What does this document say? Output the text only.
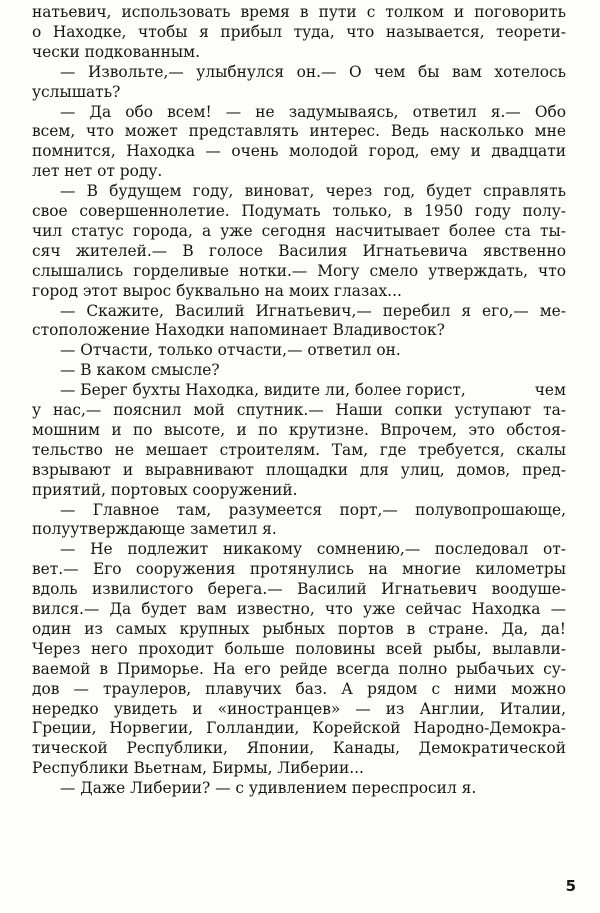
натьевич, использовать время в пути с толком и поговорить
о Находке, чтобы я прибыл туда, что называется, теорети-
чески подкованным.
— Извольте,— улыбнулся он.— О чем бы вам хотелось
услышать?
— Да обо всем! — не задумываясь, ответил я.— Обо
всем, что может представлять интерес. Ведь насколько мне
помнится, Находка — очень молодой город, ему и двадцати
лет нет от роду.
— В будущем году, виноват, через год, будет справлять
свое совершеннолетие. Подумать только, в 1950 году полу-
чил статус города, а уже сегодня насчитывает более ста ты-
сяч жителей.— В голосе Василия Игнатьевича явственно
слышались горделивые нотки.— Могу смело утверждать, что
город этот вырос буквально на моих глазах...
— Скажите, Василий Игнатьевич,— перебил я его,— ме-
стоположение Находки напоминает Владивосток?
— Отчасти, только отчасти,— ответил он.
— В каком смысле?
— Берег бухты Находка, видите ли, более горист,	чем
у нас,— пояснил мой спутник.— Наши сопки уступают та-
мошним и по высоте, и по крутизне. Впрочем, это обстоя-
тельство не мешает строителям. Там, где требуется, скалы
взрывают и выравнивают площадки для улиц, домов, пред-
приятий, портовых сооружений.
— Главное там, разумеется порт,— полувопрошающе,
полуутверждающе заметил я.
— Не подлежит никакому сомнению,— последовал от-
вет.— Его сооружения протянулись на многие километры
вдоль извилистого берега.— Василий Игнатьевич воодуше-
вился.— Да будет вам известно, что уже сейчас Находка —
один из самых крупных рыбных портов в стране. Да, да!
Через него проходит больше половины всей рыбы, вылавли-
ваемой в Приморье. На его рейде всегда полно рыбачьих су-
дов — траулеров, плавучих баз. А рядом с ними можно
нередко увидеть и «иностранцев» — из Англии, Италии,
Греции, Норвегии, Голландии, Корейской Народно-Демокра-
тической Республики, Японии, Канады, Демократической
Республики Вьетнам, Бирмы, Либерии...
— Даже Либерии? — с удивлением переспросил я.
5
